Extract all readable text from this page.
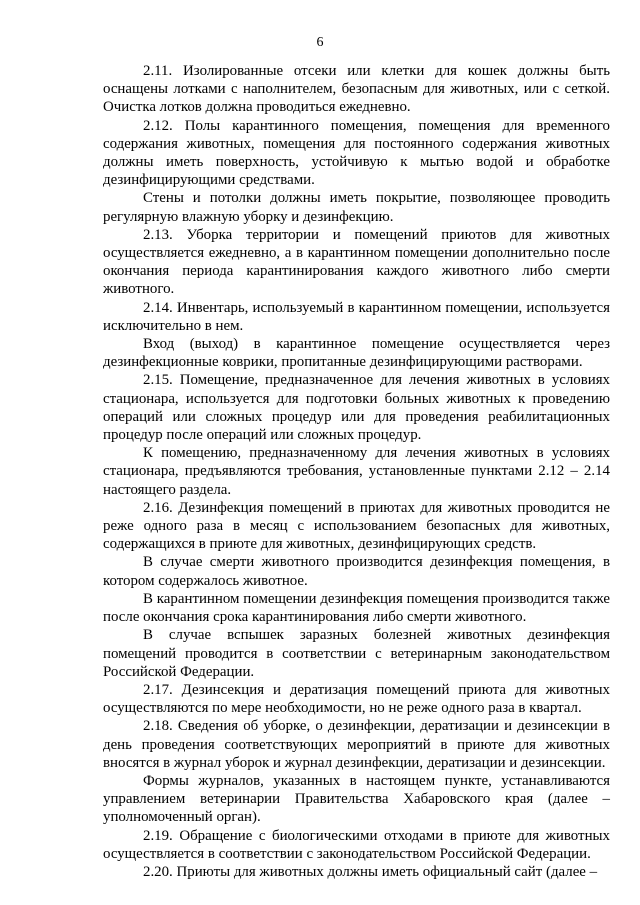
6

2.11. Изолированные отсеки или клетки для кошек должны быть оснащены лотками с наполнителем, безопасным для животных, или с сеткой. Очистка лотков должна проводиться ежедневно.

2.12. Полы карантинного помещения, помещения для временного содержания животных, помещения для постоянного содержания животных должны иметь поверхность, устойчивую к мытью водой и обработке дезинфицирующими средствами.

Стены и потолки должны иметь покрытие, позволяющее проводить регулярную влажную уборку и дезинфекцию.

2.13. Уборка территории и помещений приютов для животных осуществляется ежедневно, а в карантинном помещении дополнительно после окончания периода карантинирования каждого животного либо смерти животного.

2.14. Инвентарь, используемый в карантинном помещении, используется исключительно в нем.

Вход (выход) в карантинное помещение осуществляется через дезинфекционные коврики, пропитанные дезинфицирующими растворами.

2.15. Помещение, предназначенное для лечения животных в условиях стационара, используется для подготовки больных животных к проведению операций или сложных процедур или для проведения реабилитационных процедур после операций или сложных процедур.

К помещению, предназначенному для лечения животных в условиях стационара, предъявляются требования, установленные пунктами 2.12 – 2.14 настоящего раздела.

2.16. Дезинфекция помещений в приютах для животных проводится не реже одного раза в месяц с использованием безопасных для животных, содержащихся в приюте для животных, дезинфицирующих средств.

В случае смерти животного производится дезинфекция помещения, в котором содержалось животное.

В карантинном помещении дезинфекция помещения производится также после окончания срока карантинирования либо смерти животного.

В случае вспышек заразных болезней животных дезинфекция помещений проводится в соответствии с ветеринарным законодательством Российской Федерации.

2.17. Дезинсекция и дератизация помещений приюта для животных осуществляются по мере необходимости, но не реже одного раза в квартал.

2.18. Сведения об уборке, о дезинфекции, дератизации и дезинсекции в день проведения соответствующих мероприятий в приюте для животных вносятся в журнал уборок и журнал дезинфекции, дератизации и дезинсекции.

Формы журналов, указанных в настоящем пункте, устанавливаются управлением ветеринарии Правительства Хабаровского края (далее – уполномоченный орган).

2.19. Обращение с биологическими отходами в приюте для животных осуществляется в соответствии с законодательством Российской Федерации.

2.20. Приюты для животных должны иметь официальный сайт (далее –
